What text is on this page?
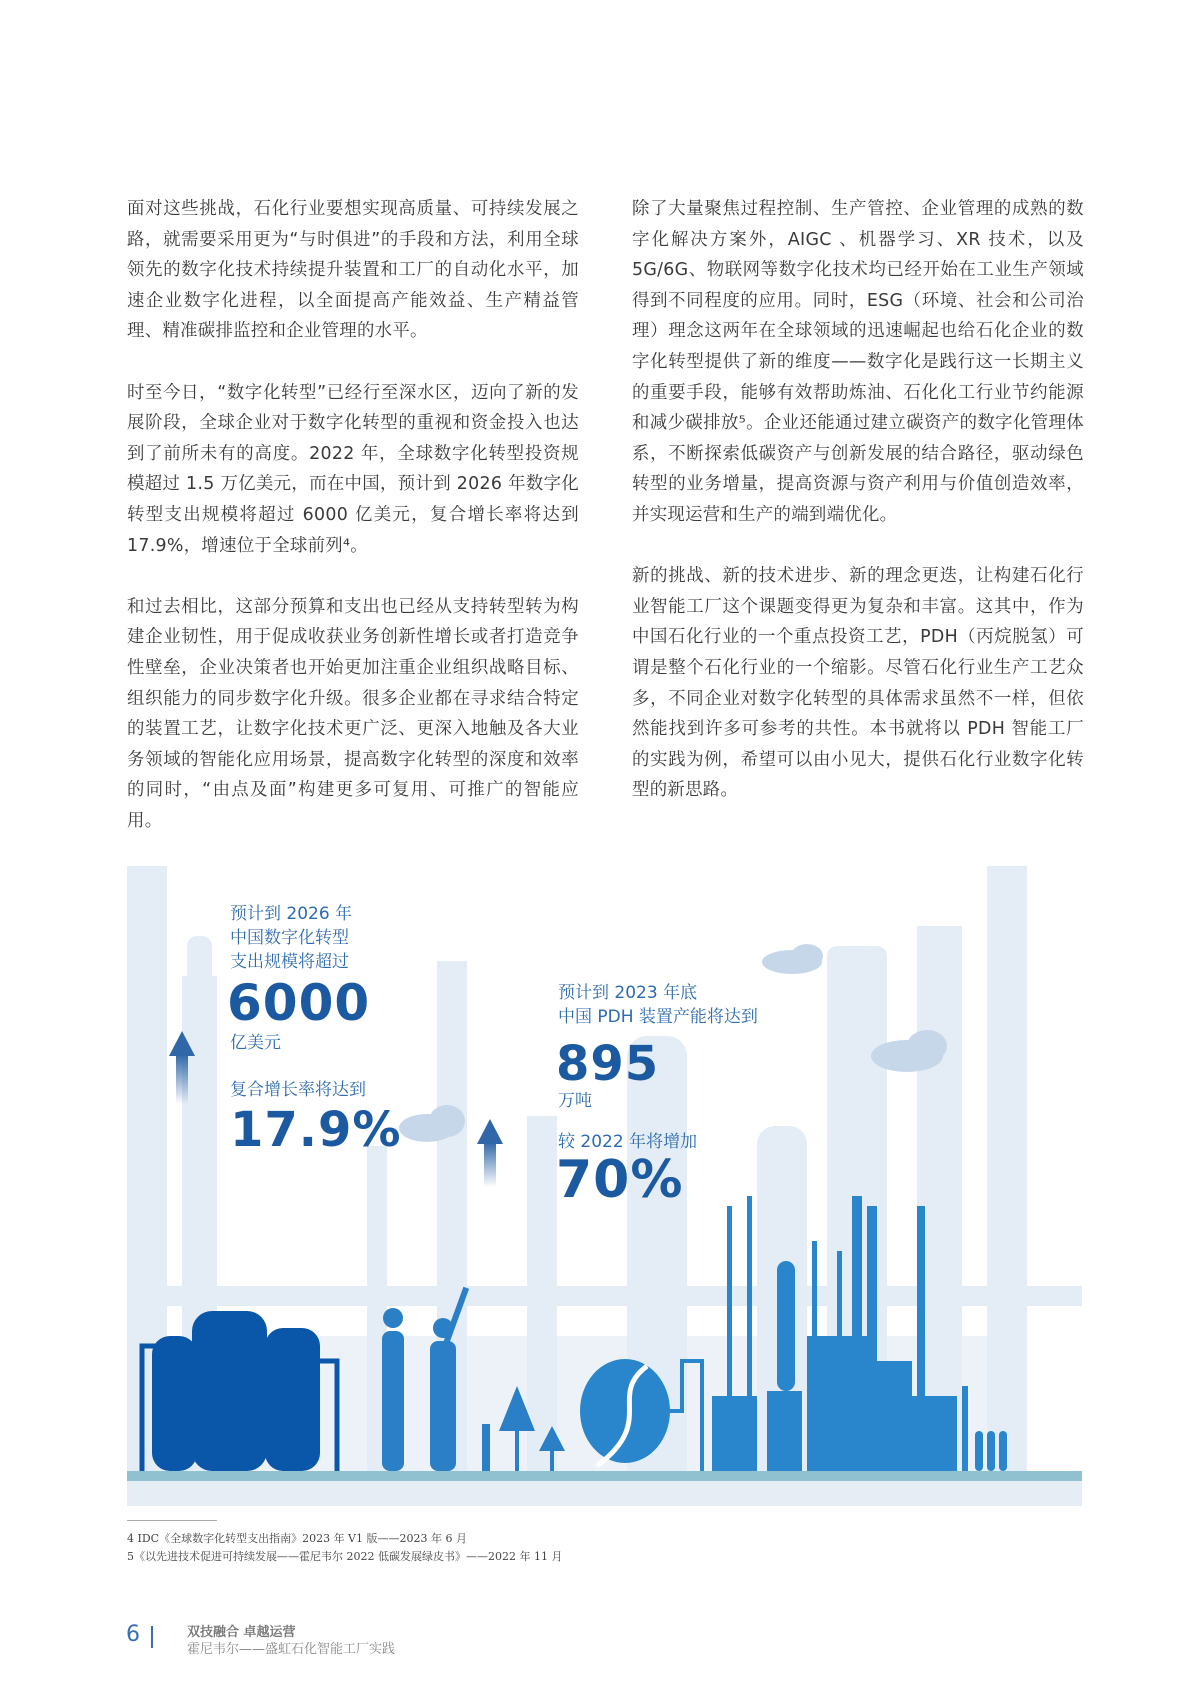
面对这些挑战，石化行业要想实现高质量、可持续发展之路，就需要采用更为“与时俱进”的手段和方法，利用全球领先的数字化技术持续提升装置和工厂的自动化水平，加速企业数字化进程，以全面提高产能效益、生产精益管理、精准碳排监控和企业管理的水平。

时至今日，“数字化转型”已经行至深水区，迈向了新的发展阶段，全球企业对于数字化转型的重视和资金投入也达到了前所未有的高度。2022 年，全球数字化转型投资规模超过 1.5 万亿美元，而在中国，预计到 2026 年数字化转型支出规模将超过 6000 亿美元，复合增长率将达到 17.9%，增速位于全球前列⁴。

和过去相比，这部分预算和支出也已经从支持转型转为构建企业韧性，用于促成收获业务创新性增长或者打造竞争性壁垒，企业决策者也开始更加注重企业组织战略目标、组织能力的同步数字化升级。很多企业都在寻求结合特定的装置工艺，让数字化技术更广泛、更深入地触及各大业务领域的智能化应用场景，提高数字化转型的深度和效率的同时，“由点及面”构建更多可复用、可推广的智能应用。

除了大量聚焦过程控制、生产管控、企业管理的成熟的数字化解决方案外，AIGC 、机器学习、XR 技术，以及 5G/6G、物联网等数字化技术均已经开始在工业生产领域得到不同程度的应用。同时，ESG（环境、社会和公司治理）理念这两年在全球领域的迅速崛起也给石化企业的数字化转型提供了新的维度——数字化是践行这一长期主义的重要手段，能够有效帮助炼油、石化化工行业节约能源和减少碳排放⁵。企业还能通过建立碳资产的数字化管理体系，不断探索低碳资产与创新发展的结合路径，驱动绿色转型的业务增量，提高资源与资产利用与价值创造效率，并实现运营和生产的端到端优化。

新的挑战、新的技术进步、新的理念更迭，让构建石化行业智能工厂这个课题变得更为复杂和丰富。这其中，作为中国石化行业的一个重点投资工艺，PDH（丙烷脱氢）可谓是整个石化行业的一个缩影。尽管石化行业生产工艺众多，不同企业对数字化转型的具体需求虽然不一样，但依然能找到许多可参考的共性。本书就将以 PDH 智能工厂的实践为例，希望可以由小见大，提供石化行业数字化转型的新思路。

预计到 2026 年
中国数字化转型
支出规模将超过
6000
亿美元
复合增长率将达到
17.9%
预计到 2023 年底
中国 PDH 装置产能将达到
895
万吨
较 2022 年将增加
70%
4 IDC《全球数字化转型支出指南》2023 年 V1 版——2023 年 6 月
5《以先进技术促进可持续发展——霍尼韦尔 2022 低碳发展绿皮书》——2022 年 11 月
6	双技融合 卓越运营
霍尼韦尔——盛虹石化智能工厂实践
